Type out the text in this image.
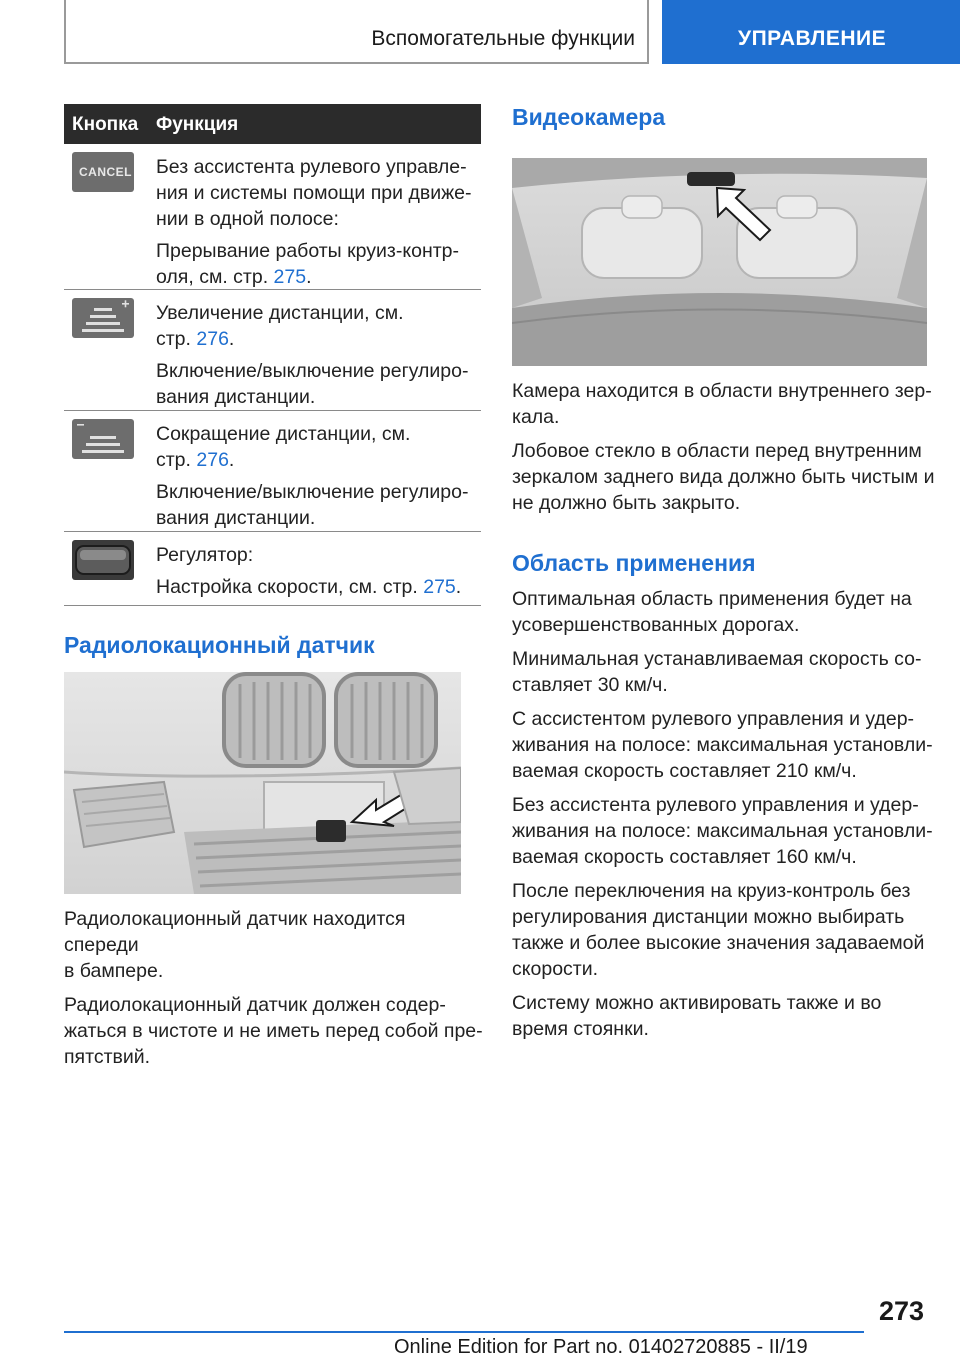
Вспомогательные функции	УПРАВЛЕНИЕ
Кнопка Функция
CANCEL Без ассистента рулевого управле-
ния и системы помощи при движе-
нии в одной полосе:
Прерывание работы круиз-контр-
оля, см. стр. 275.
Увеличение дистанции, см.
стр. 276.
Включение/выключение регулиро-
вания дистанции.
Сокращение дистанции, см.
стр. 276.
Включение/выключение регулиро-
вания дистанции.
Регулятор:
Настройка скорости, см. стр. 275.
Радиолокационный датчик
Радиолокационный датчик находится спереди
в бампере.
Радиолокационный датчик должен содер-
жаться в чистоте и не иметь перед собой пре-
пятствий.
Видеокамера
Камера находится в области внутреннего зер-
кала.
Лобовое стекло в области перед внутренним
зеркалом заднего вида должно быть чистым и
не должно быть закрыто.
Область применения
Оптимальная область применения будет на
усовершенствованных дорогах.
Минимальная устанавливаемая скорость со-
ставляет 30 км/ч.
С ассистентом рулевого управления и удер-
живания на полосе: максимальная установли-
ваемая скорость составляет 210 км/ч.
Без ассистента рулевого управления и удер-
живания на полосе: максимальная установли-
ваемая скорость составляет 160 км/ч.
После переключения на круиз-контроль без
регулирования дистанции можно выбирать
также и более высокие значения задаваемой
скорости.
Систему можно активировать также и во
время стоянки.
273
Online Edition for Part no. 01402720885 - II/19
